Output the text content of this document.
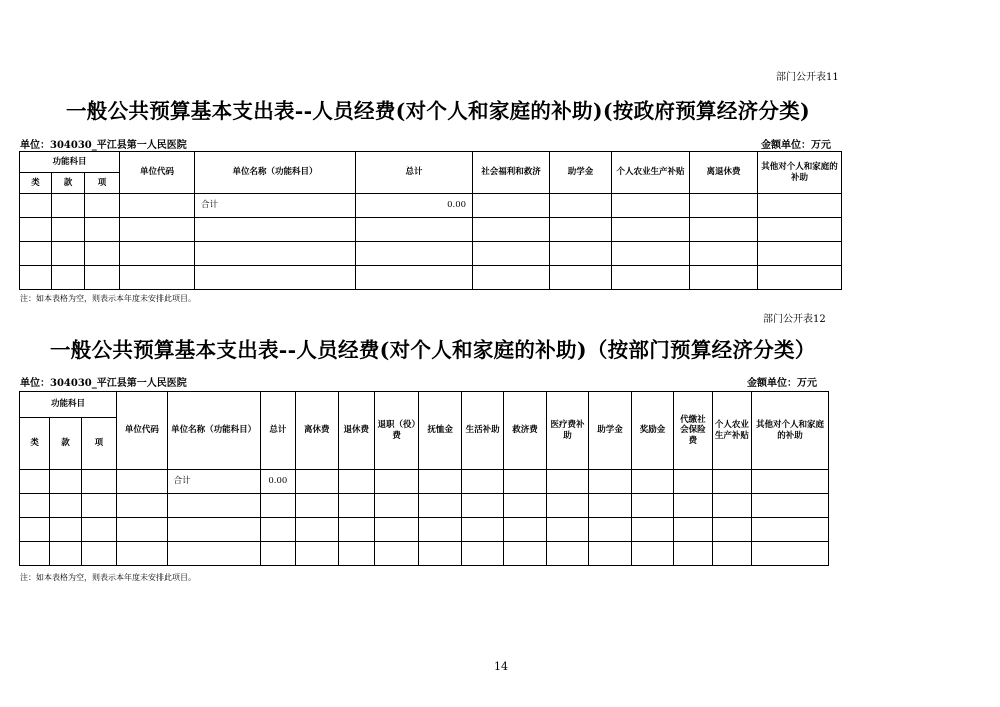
部门公开表11
一般公共预算基本支出表--人员经费(对个人和家庭的补助)(按政府预算经济分类)
单位：304030_平江县第一人民医院	金额单位：万元
功能科目			单位代码	单位名称（功能科目）	总计	社会福利和救济	助学金	个人农业生产补贴	离退休费	其他对个人和家庭的补助
类	款	项								
				合计	0.00					

注：如本表格为空，则表示本年度未安排此项目。
部门公开表12
一般公共预算基本支出表--人员经费(对个人和家庭的补助)（按部门预算经济分类）
单位：304030_平江县第一人民医院	金额单位：万元
功能科目			单位代码	单位名称（功能科目）	总计	离休费	退休费	退职（役）费	抚恤金	生活补助	救济费	医疗费补助	助学金	奖励金	代缴社会保险费	个人农业生产补贴	其他对个人和家庭的补助
类	款	项															
				合计	0.00												

注：如本表格为空，则表示本年度未安排此项目。
14
